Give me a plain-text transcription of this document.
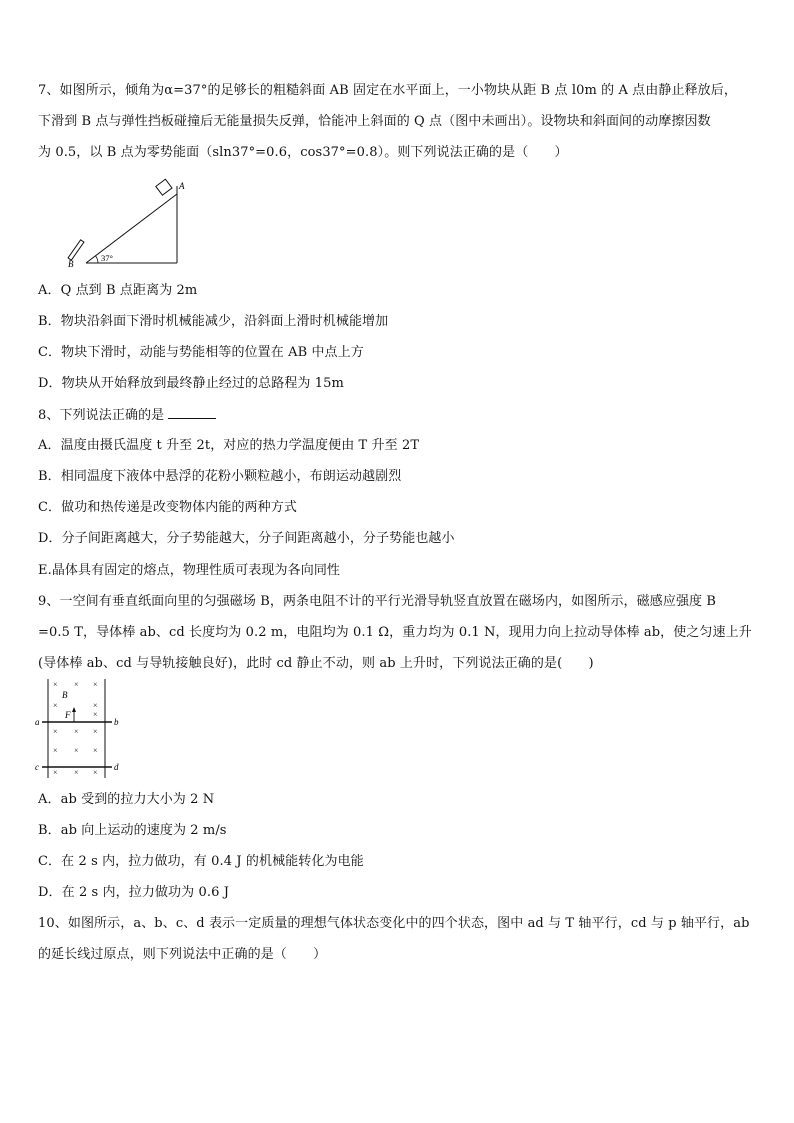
7、如图所示，倾角为α=37°的足够长的粗糙斜面 AB 固定在水平面上，一小物块从距 B 点 l0m 的 A 点由静止释放后，
下滑到 B 点与弹性挡板碰撞后无能量损失反弹，恰能冲上斜面的 Q 点（图中未画出）。设物块和斜面间的动摩擦因数
为 0.5，以 B 点为零势能面（sln37°=0.6，cos37°=0.8）。则下列说法正确的是（　　）
A
B
37°
A．Q 点到 B 点距离为 2m
B．物块沿斜面下滑时机械能减少，沿斜面上滑时机械能增加
C．物块下滑时，动能与势能相等的位置在 AB 中点上方
D．物块从开始释放到最终静止经过的总路程为 15m
8、下列说法正确的是
A．温度由摄氏温度 t 升至 2t，对应的热力学温度便由 T 升至 2T
B．相同温度下液体中悬浮的花粉小颗粒越小，布朗运动越剧烈
C．做功和热传递是改变物体内能的两种方式
D．分子间距离越大，分子势能越大，分子间距离越小，分子势能也越小
E.晶体具有固定的熔点，物理性质可表现为各向同性
9、一空间有垂直纸面向里的匀强磁场 B，两条电阻不计的平行光滑导轨竖直放置在磁场内，如图所示，磁感应强度 B
=0.5 T，导体棒 ab、cd 长度均为 0.2 m，电阻均为 0.1 Ω，重力均为 0.1 N，现用力向上拉动导体棒 ab，使之匀速上升
(导体棒 ab、cd 与导轨接触良好)，此时 cd 静止不动，则 ab 上升时，下列说法正确的是(　　)
× × ×
×	×
×
× × ×
× × ×
× × ×
B
F
a	b
c	d
A．ab 受到的拉力大小为 2 N
B．ab 向上运动的速度为 2 m/s
C．在 2 s 内，拉力做功，有 0.4 J 的机械能转化为电能
D．在 2 s 内，拉力做功为 0.6 J
10、如图所示，a、b、c、d 表示一定质量的理想气体状态变化中的四个状态，图中 ad 与 T 轴平行，cd 与 p 轴平行，ab
的延长线过原点，则下列说法中正确的是（　　）
